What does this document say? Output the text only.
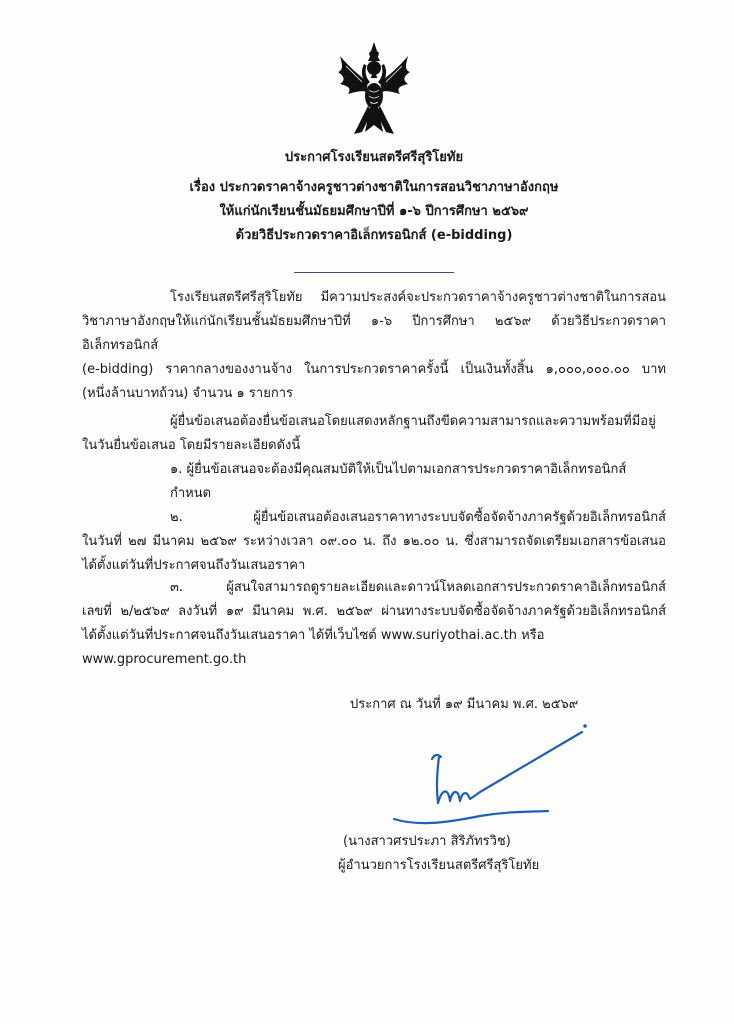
ประกาศโรงเรียนสตรีศรีสุริโยทัย
เรื่อง ประกวดราคาจ้างครูชาวต่างชาติในการสอนวิชาภาษาอังกฤษ
ให้แก่นักเรียนชั้นมัธยมศึกษาปีที่ ๑-๖ ปีการศึกษา ๒๕๖๙
ด้วยวิธีประกวดราคาอิเล็กทรอนิกส์ (e-bidding)
โรงเรียนสตรีศรีสุริโยทัย มีความประสงค์จะประกวดราคาจ้างครูชาวต่างชาติในการสอน
วิชาภาษาอังกฤษให้แก่นักเรียนชั้นมัธยมศึกษาปีที่ ๑-๖ ปีการศึกษา ๒๕๖๙ ด้วยวิธีประกวดราคาอิเล็กทรอนิกส์
(e-bidding) ราคากลางของงานจ้าง ในการประกวดราคาครั้งนี้ เป็นเงินทั้งสิ้น ๑,๐๐๐,๐๐๐.๐๐ บาท
(หนึ่งล้านบาทถ้วน) จำนวน ๑ รายการ
ผู้ยื่นข้อเสนอต้องยื่นข้อเสนอโดยแสดงหลักฐานถึงขีดความสามารถและความพร้อมที่มีอยู่
ในวันยื่นข้อเสนอ โดยมีรายละเอียดดังนี้
๑. ผู้ยื่นข้อเสนอจะต้องมีคุณสมบัติให้เป็นไปตามเอกสารประกวดราคาอิเล็กทรอนิกส์กำหนด
๒. ผู้ยื่นข้อเสนอต้องเสนอราคาทางระบบจัดซื้อจัดจ้างภาครัฐด้วยอิเล็กทรอนิกส์
ในวันที่ ๒๗ มีนาคม ๒๕๖๙ ระหว่างเวลา ๐๙.๐๐ น. ถึง ๑๒.๐๐ น. ซึ่งสามารถจัดเตรียมเอกสารข้อเสนอ
ได้ตั้งแต่วันที่ประกาศจนถึงวันเสนอราคา
๓. ผู้สนใจสามารถดูรายละเอียดและดาวน์โหลดเอกสารประกวดราคาอิเล็กทรอนิกส์
เลขที่ ๒/๒๕๖๙ ลงวันที่ ๑๙ มีนาคม พ.ศ. ๒๕๖๙ ผ่านทางระบบจัดซื้อจัดจ้างภาครัฐด้วยอิเล็กทรอนิกส์
ได้ตั้งแต่วันที่ประกาศจนถึงวันเสนอราคา ได้ที่เว็บไซต์ www.suriyothai.ac.th หรือ www.gprocurement.go.th
ประกาศ ณ วันที่ ๑๙ มีนาคม พ.ศ. ๒๕๖๙
(นางสาวศรประภา สิริภัทรวิช)
ผู้อำนวยการโรงเรียนสตรีศรีสุริโยทัย
